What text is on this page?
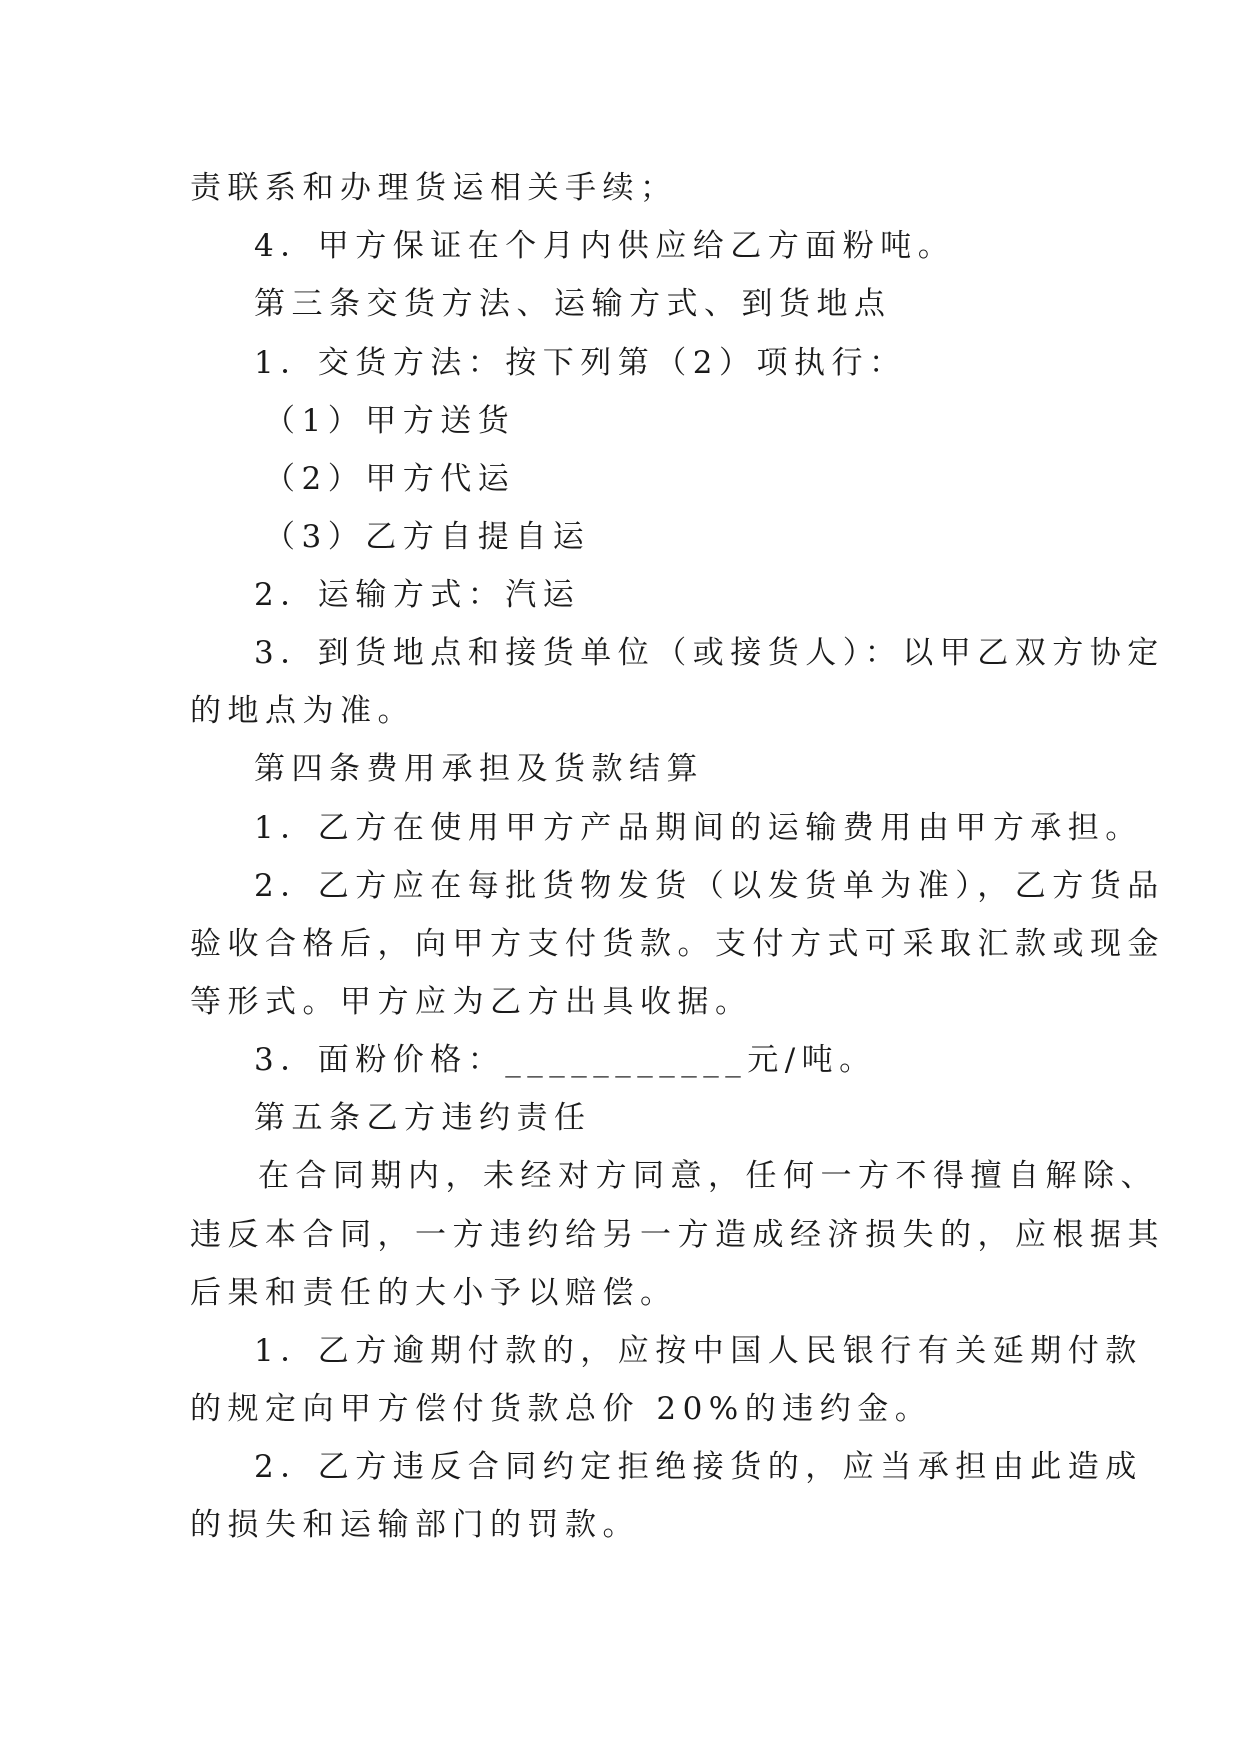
责联系和办理货运相关手续；
4．甲方保证在个月内供应给乙方面粉吨。
第三条交货方法、运输方式、到货地点
1．交货方法：按下列第（2）项执行：
（1）甲方送货
（2）甲方代运
（3）乙方自提自运
2．运输方式：汽运
3．到货地点和接货单位（或接货人）：以甲乙双方协定
的地点为准。
第四条费用承担及货款结算
1．乙方在使用甲方产品期间的运输费用由甲方承担。
2．乙方应在每批货物发货（以发货单为准），乙方货品
验收合格后，向甲方支付货款。支付方式可采取汇款或现金
等形式。甲方应为乙方出具收据。
3．面粉价格：___________元/吨。
第五条乙方违约责任
在合同期内，未经对方同意，任何一方不得擅自解除、
违反本合同，一方违约给另一方造成经济损失的，应根据其
后果和责任的大小予以赔偿。
1．乙方逾期付款的，应按中国人民银行有关延期付款
的规定向甲方偿付货款总价 20%的违约金。
2．乙方违反合同约定拒绝接货的，应当承担由此造成
的损失和运输部门的罚款。
